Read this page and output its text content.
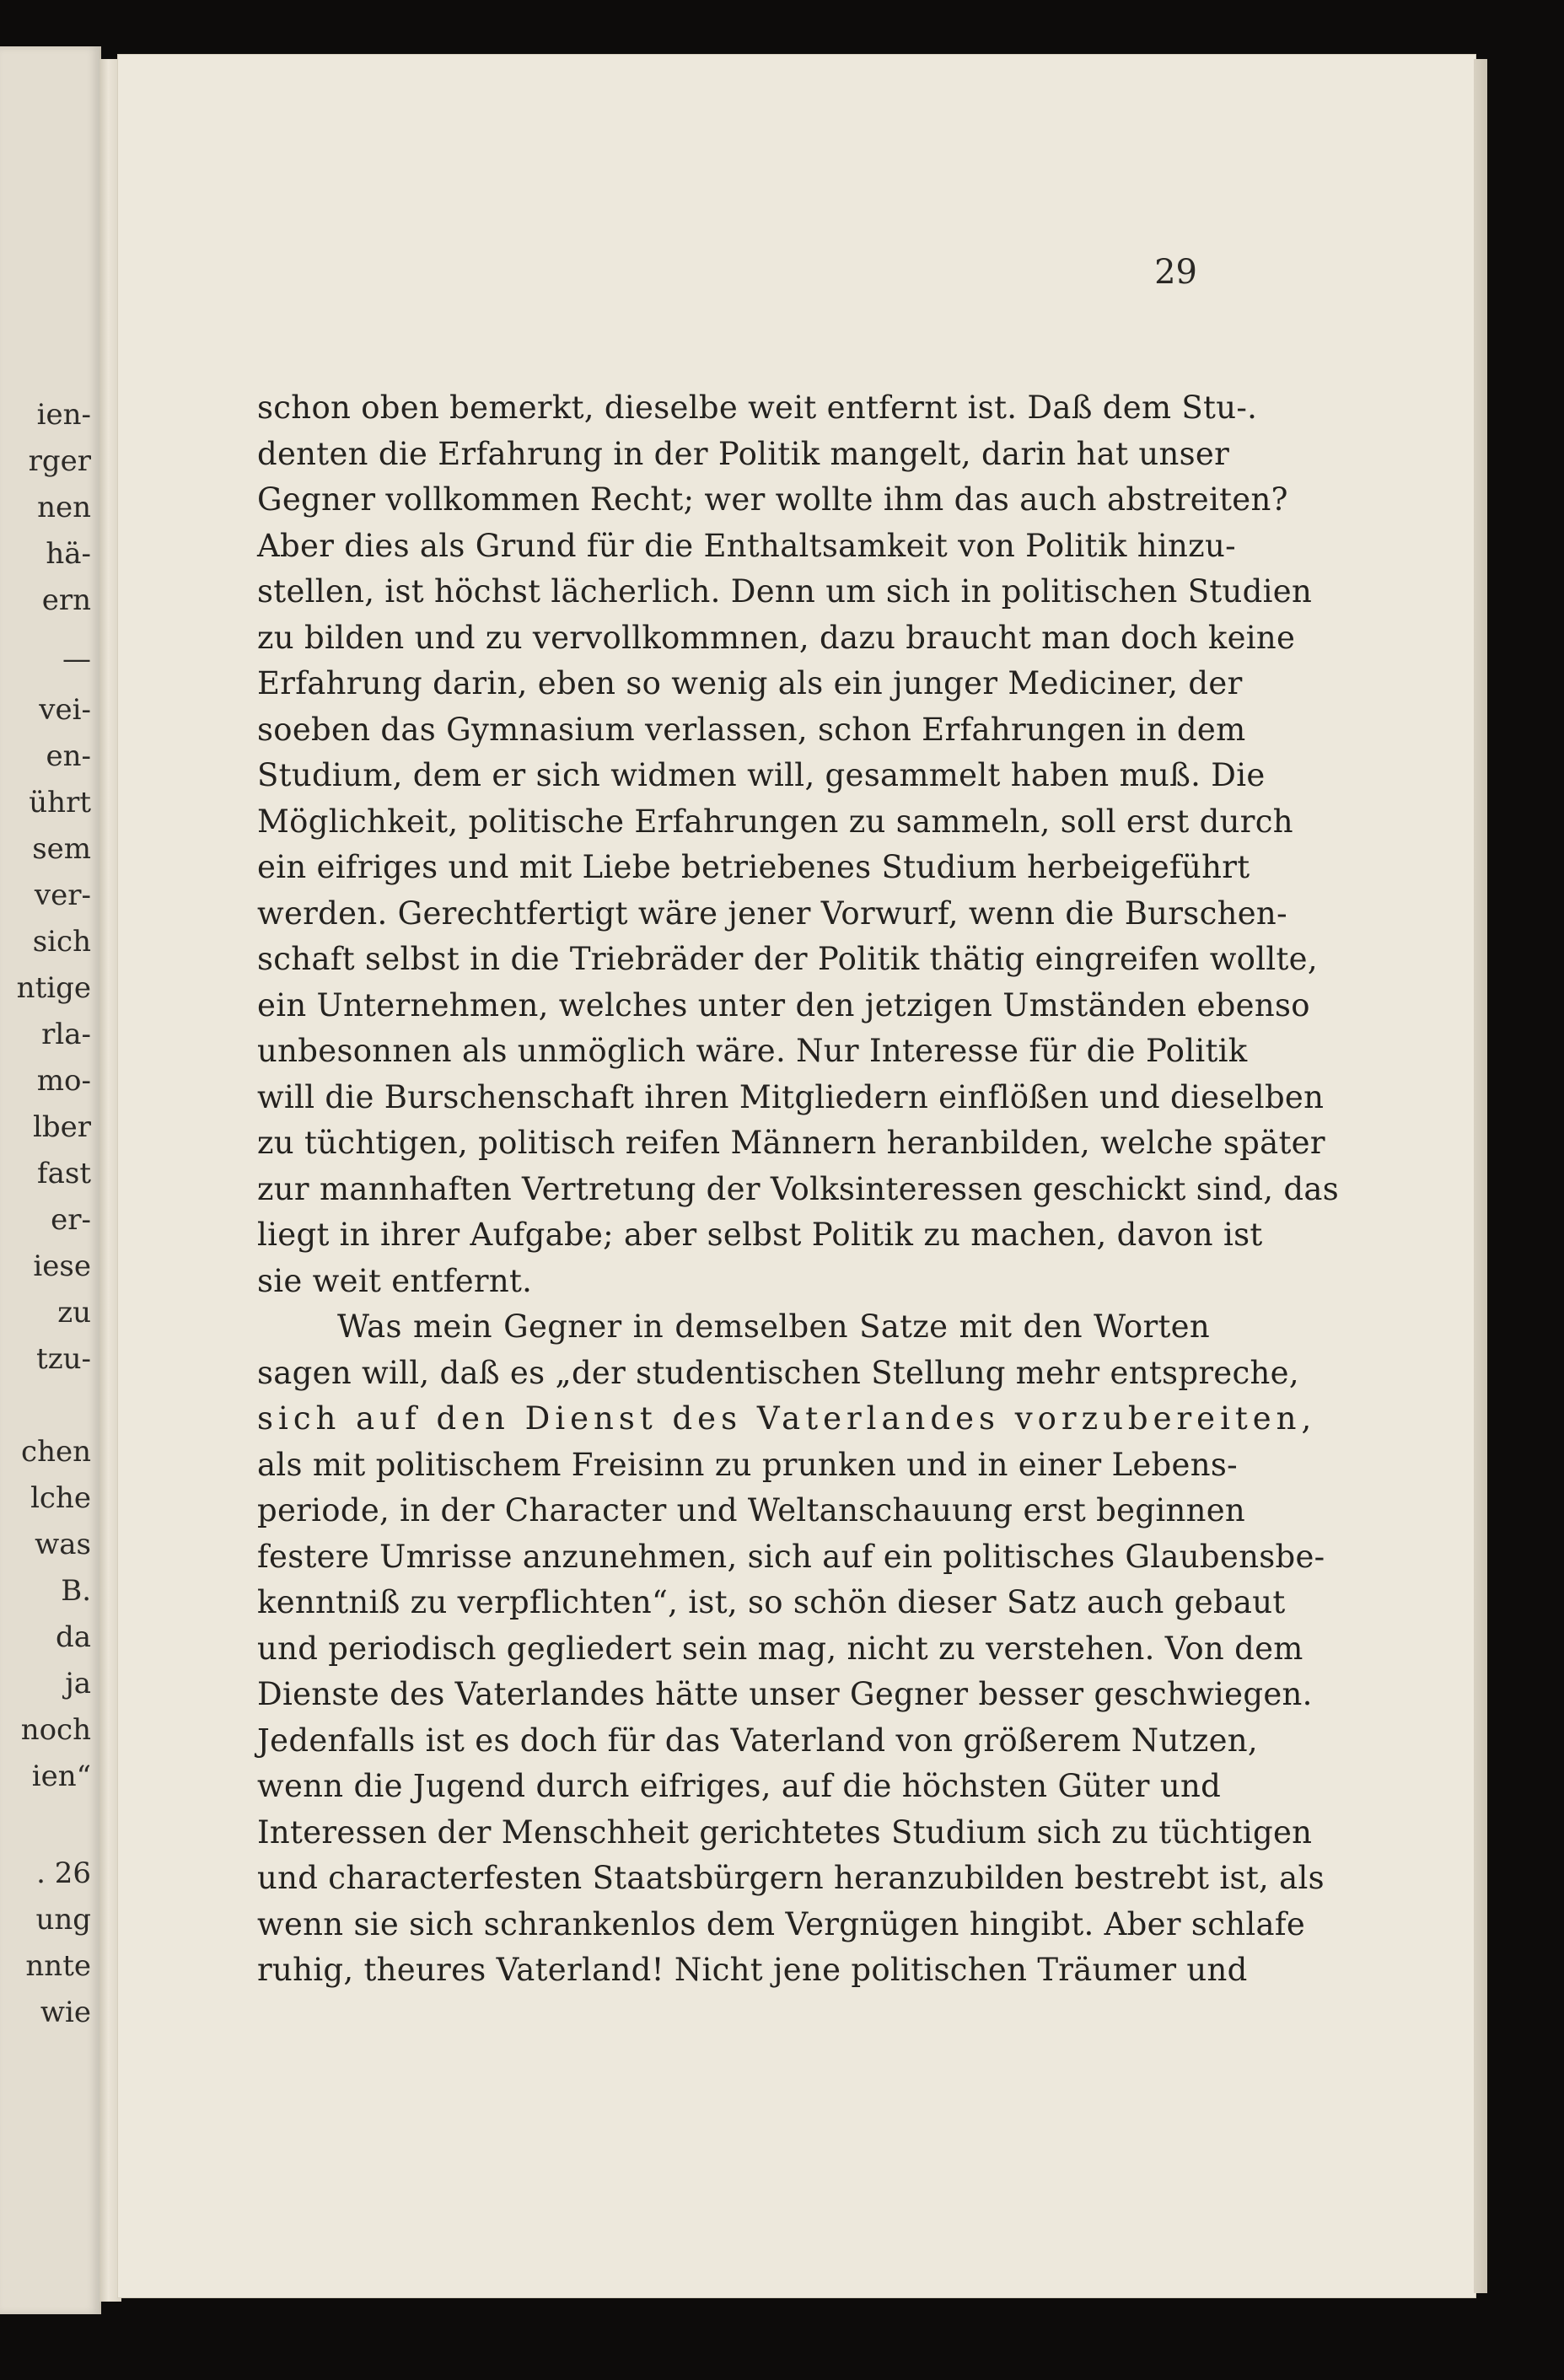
ien-
rger
nen
hä-
ern
—
vei-
en-
ührt
sem
ver-
sich
ntige
rla-
mo-
lber
fast
er-
iese
zu
tzu-
chen
lche
was
B.
da
ja
noch
ien“
. 26
ung
nnte
wie
29
schon oben bemerkt, dieselbe weit entfernt ist. Daß dem Stu-.
denten die Erfahrung in der Politik mangelt, darin hat unser
Gegner vollkommen Recht; wer wollte ihm das auch abstreiten?
Aber dies als Grund für die Enthaltsamkeit von Politik hinzu-
stellen, ist höchst lächerlich. Denn um sich in politischen Studien
zu bilden und zu vervollkommnen, dazu braucht man doch keine
Erfahrung darin, eben so wenig als ein junger Mediciner, der
soeben das Gymnasium verlassen, schon Erfahrungen in dem
Studium, dem er sich widmen will, gesammelt haben muß. Die
Möglichkeit, politische Erfahrungen zu sammeln, soll erst durch
ein eifriges und mit Liebe betriebenes Studium herbeigeführt
werden. Gerechtfertigt wäre jener Vorwurf, wenn die Burschen-
schaft selbst in die Triebräder der Politik thätig eingreifen wollte,
ein Unternehmen, welches unter den jetzigen Umständen ebenso
unbesonnen als unmöglich wäre. Nur Interesse für die Politik
will die Burschenschaft ihren Mitgliedern einflößen und dieselben
zu tüchtigen, politisch reifen Männern heranbilden, welche später
zur mannhaften Vertretung der Volksinteressen geschickt sind, das
liegt in ihrer Aufgabe; aber selbst Politik zu machen, davon ist
sie weit entfernt.
Was mein Gegner in demselben Satze mit den Worten
sagen will, daß es „der studentischen Stellung mehr entspreche,
sich auf den Dienst des Vaterlandes vorzubereiten,
als mit politischem Freisinn zu prunken und in einer Lebens-
periode, in der Character und Weltanschauung erst beginnen
festere Umrisse anzunehmen, sich auf ein politisches Glaubensbe-
kenntniß zu verpflichten“, ist, so schön dieser Satz auch gebaut
und periodisch gegliedert sein mag, nicht zu verstehen. Von dem
Dienste des Vaterlandes hätte unser Gegner besser geschwiegen.
Jedenfalls ist es doch für das Vaterland von größerem Nutzen,
wenn die Jugend durch eifriges, auf die höchsten Güter und
Interessen der Menschheit gerichtetes Studium sich zu tüchtigen
und characterfesten Staatsbürgern heranzubilden bestrebt ist, als
wenn sie sich schrankenlos dem Vergnügen hingibt. Aber schlafe
ruhig, theures Vaterland! Nicht jene politischen Träumer und
